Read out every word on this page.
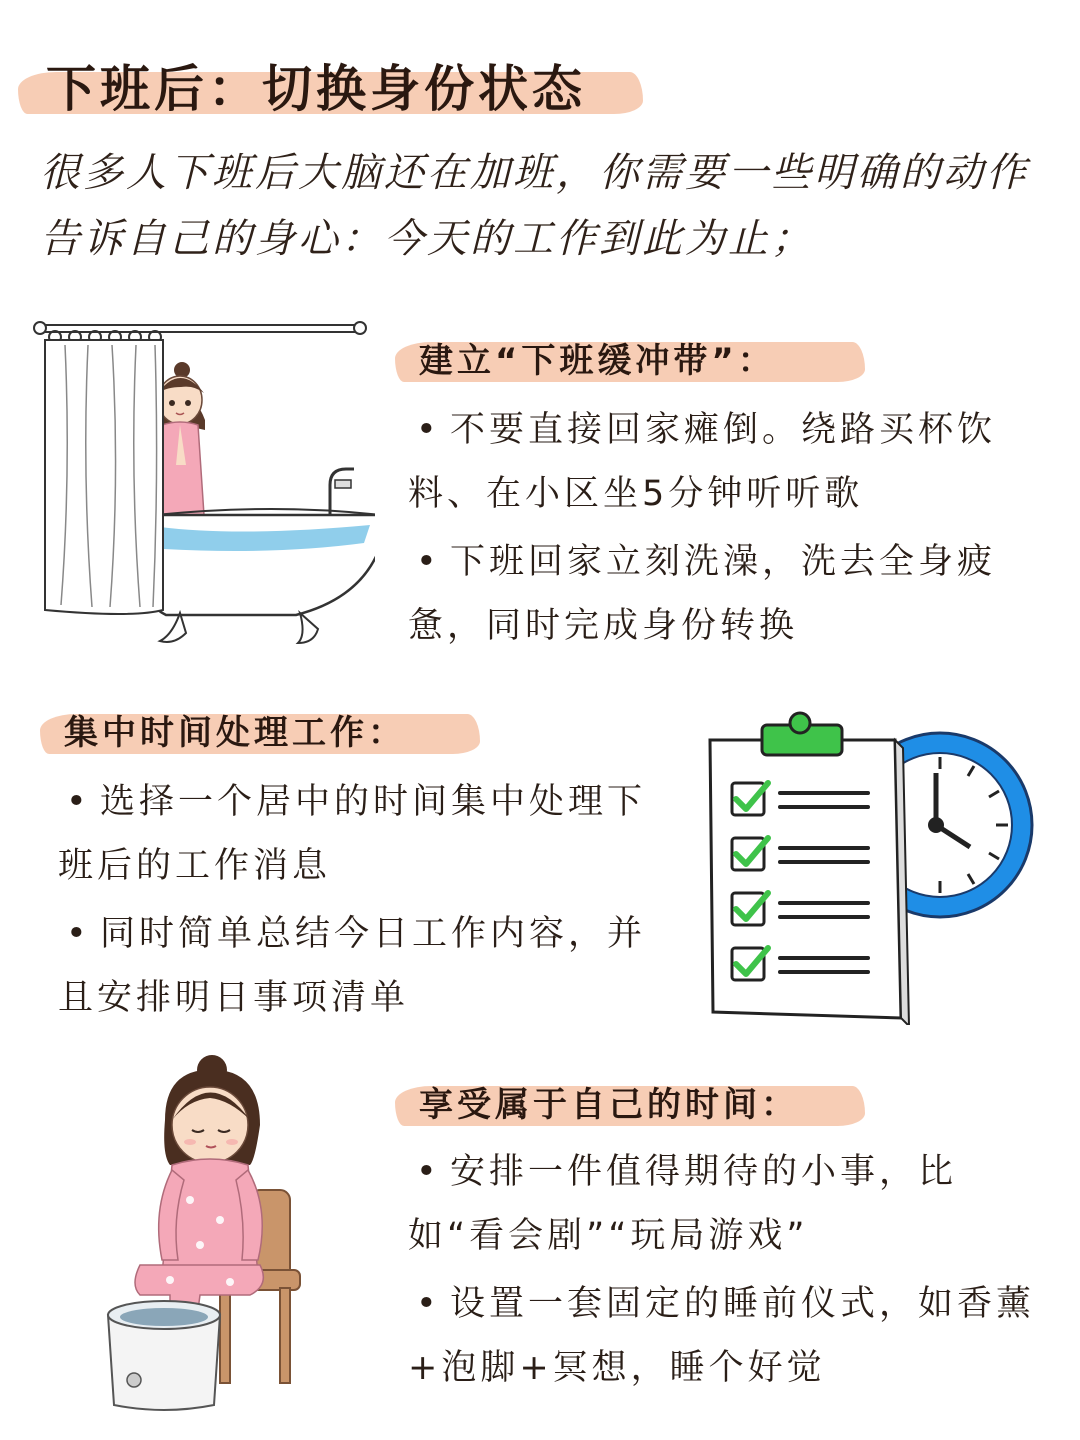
下班后：切换身份状态

很多人下班后大脑还在加班，你需要一些明确的动作告诉自己的身心：今天的工作到此为止；

建立“下班缓冲带”：
• 不要直接回家瘫倒。绕路买杯饮料、在小区坐5分钟听听歌
• 下班回家立刻洗澡，洗去全身疲惫，同时完成身份转换
集中时间处理工作：
• 选择一个居中的时间集中处理下班后的工作消息
• 同时简单总结今日工作内容，并且安排明日事项清单
享受属于自己的时间：
• 安排一件值得期待的小事，比如“看会剧”“玩局游戏”
• 设置一套固定的睡前仪式，如香薰+泡脚+冥想，睡个好觉
